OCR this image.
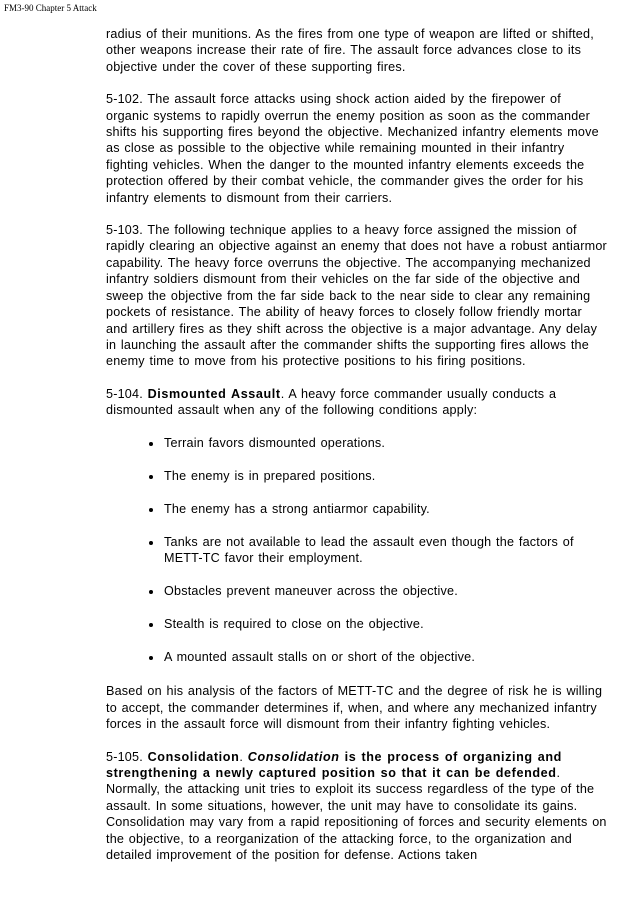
FM3-90 Chapter 5 Attack

radius of their munitions. As the fires from one type of weapon are lifted or shifted, other weapons increase their rate of fire. The assault force advances close to its objective under the cover of these supporting fires.

5-102. The assault force attacks using shock action aided by the firepower of organic systems to rapidly overrun the enemy position as soon as the commander shifts his supporting fires beyond the objective. Mechanized infantry elements move as close as possible to the objective while remaining mounted in their infantry fighting vehicles. When the danger to the mounted infantry elements exceeds the protection offered by their combat vehicle, the commander gives the order for his infantry elements to dismount from their carriers.

5-103. The following technique applies to a heavy force assigned the mission of rapidly clearing an objective against an enemy that does not have a robust antiarmor capability. The heavy force overruns the objective. The accompanying mechanized infantry soldiers dismount from their vehicles on the far side of the objective and sweep the objective from the far side back to the near side to clear any remaining pockets of resistance. The ability of heavy forces to closely follow friendly mortar and artillery fires as they shift across the objective is a major advantage. Any delay in launching the assault after the commander shifts the supporting fires allows the enemy time to move from his protective positions to his firing positions.

5-104. Dismounted Assault. A heavy force commander usually conducts a dismounted assault when any of the following conditions apply:

Terrain favors dismounted operations.
The enemy is in prepared positions.
The enemy has a strong antiarmor capability.
Tanks are not available to lead the assault even though the factors of METT-TC favor their employment.
Obstacles prevent maneuver across the objective.
Stealth is required to close on the objective.
A mounted assault stalls on or short of the objective.

Based on his analysis of the factors of METT-TC and the degree of risk he is willing to accept, the commander determines if, when, and where any mechanized infantry forces in the assault force will dismount from their infantry fighting vehicles.

5-105. Consolidation. Consolidation is the process of organizing and strengthening a newly captured position so that it can be defended. Normally, the attacking unit tries to exploit its success regardless of the type of the assault. In some situations, however, the unit may have to consolidate its gains. Consolidation may vary from a rapid repositioning of forces and security elements on the objective, to a reorganization of the attacking force, to the organization and detailed improvement of the position for defense. Actions taken
